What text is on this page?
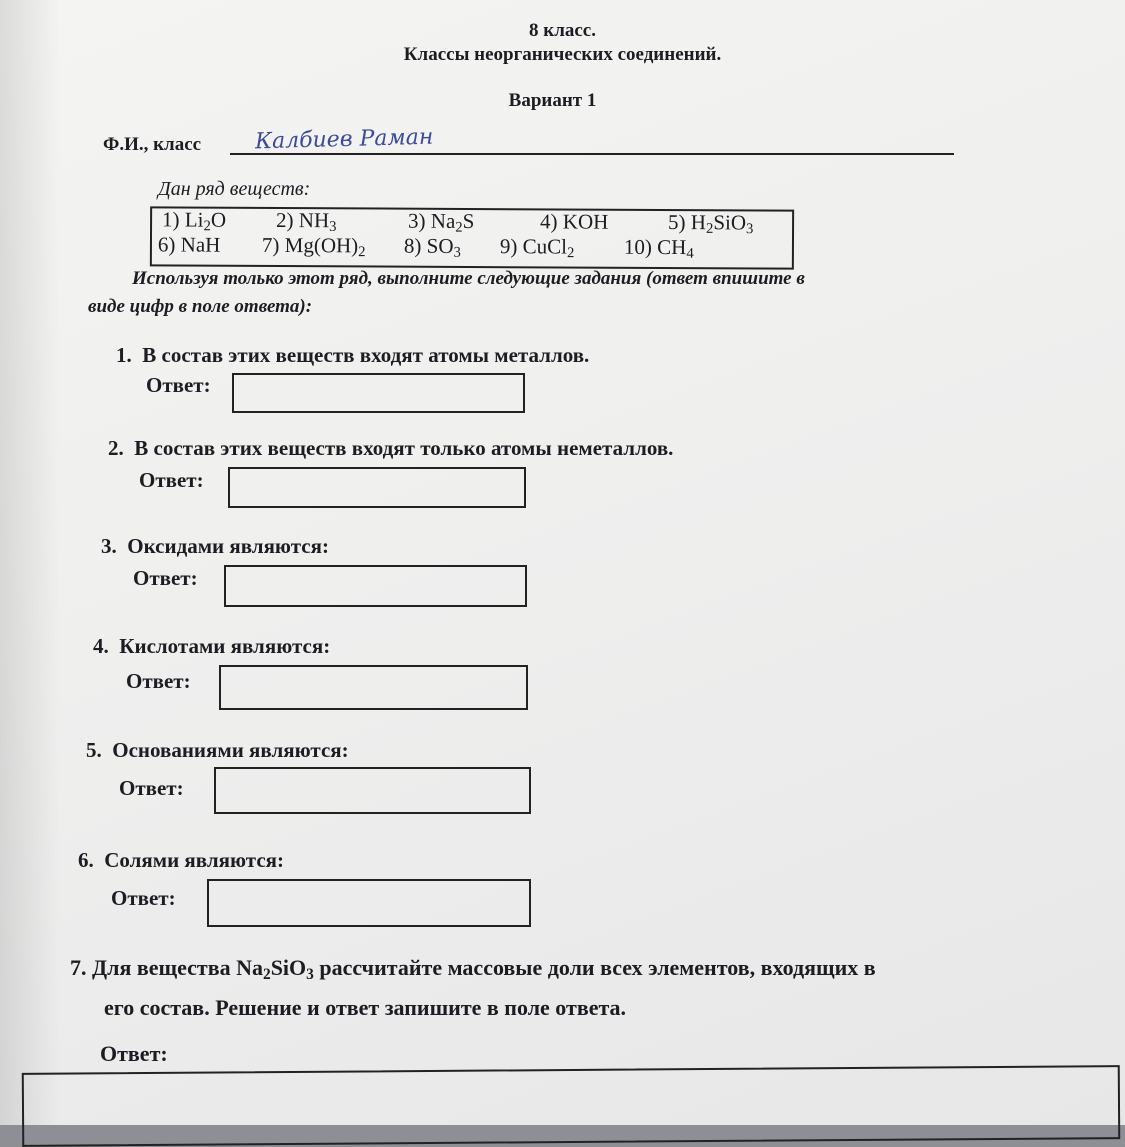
8 класс.
Классы неорганических соединений.
Вариант 1
Ф.И., класс Калбиев Раман
Дан ряд веществ:
1) $Li_2O$ 2) $NH_3$	3) $Na_2S$	4) KOH	5) $H_2SiO_3$
6) NaH 7) $Mg(OH)_2$ 8) $SO_3$ 9) CuCl$_2$ 10) $CH_4$
Используя только этот ряд, выполните следующие задания (ответ впишите в
виде цифр в поле ответа):
1. В состав этих веществ входят атомы металлов.
Ответ:
2. В состав этих веществ входят только атомы неметаллов.
Ответ:
3. Оксидами являются:
Ответ:
4. Кислотами являются:
Ответ:
5. Основаниями являются:
Ответ:
6. Солями являются:
Ответ:
7. Для вещества $Na_2SiO_3$ рассчитайте массовые доли всех элементов, входящих в
его состав. Решение и ответ запишите в поле ответа.
Ответ:
